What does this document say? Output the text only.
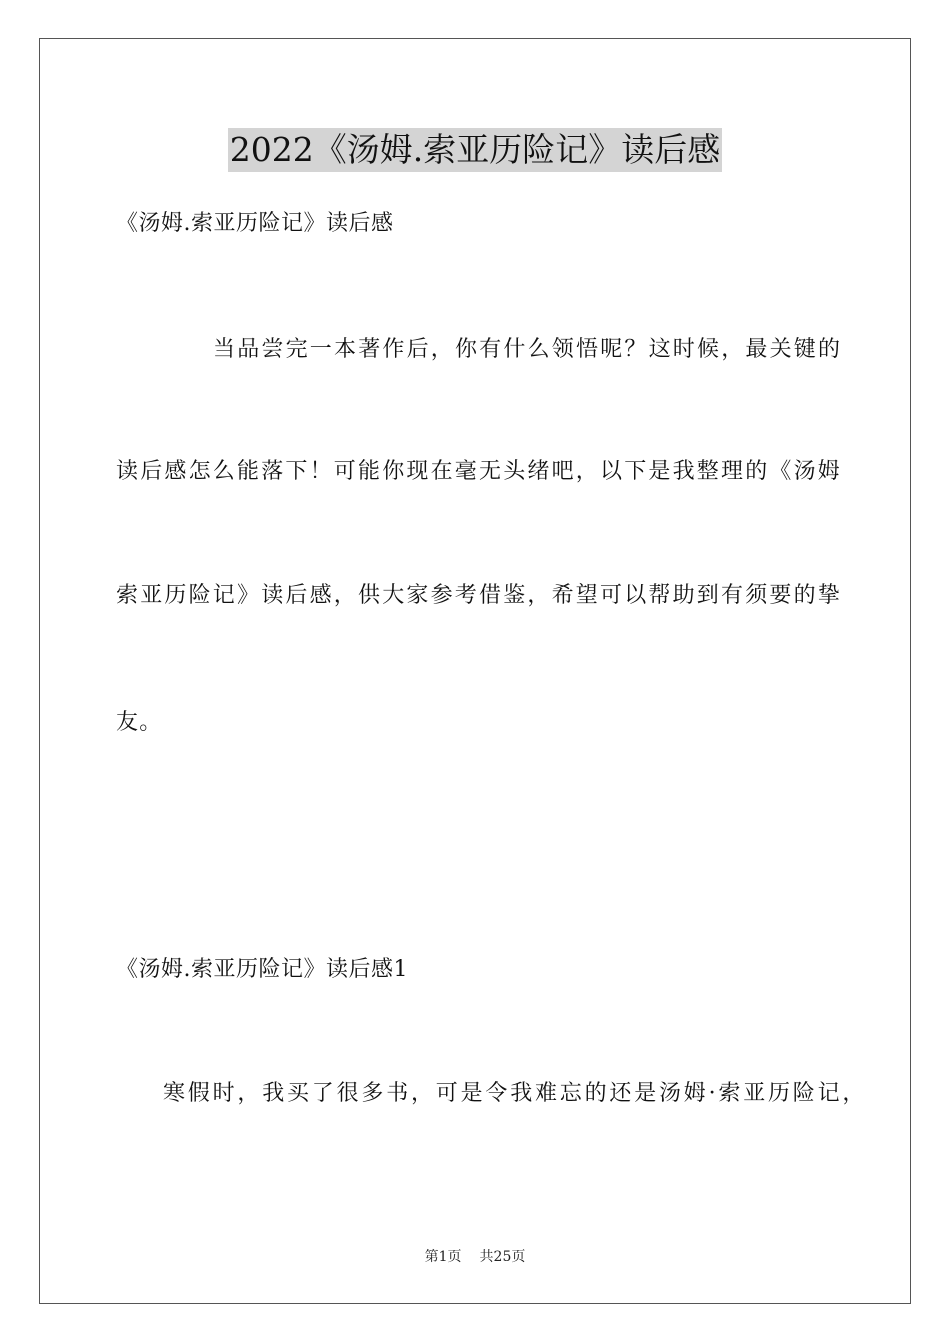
2022《汤姆.索亚历险记》读后感
《汤姆.索亚历险记》读后感
当品尝完一本著作后，你有什么领悟呢？这时候，最关键的
读后感怎么能落下！可能你现在毫无头绪吧，以下是我整理的《汤姆
索亚历险记》读后感，供大家参考借鉴，希望可以帮助到有须要的挚
友。
《汤姆.索亚历险记》读后感1
寒假时，我买了很多书，可是令我难忘的还是汤姆·索亚历险记，
第1页 共25页
